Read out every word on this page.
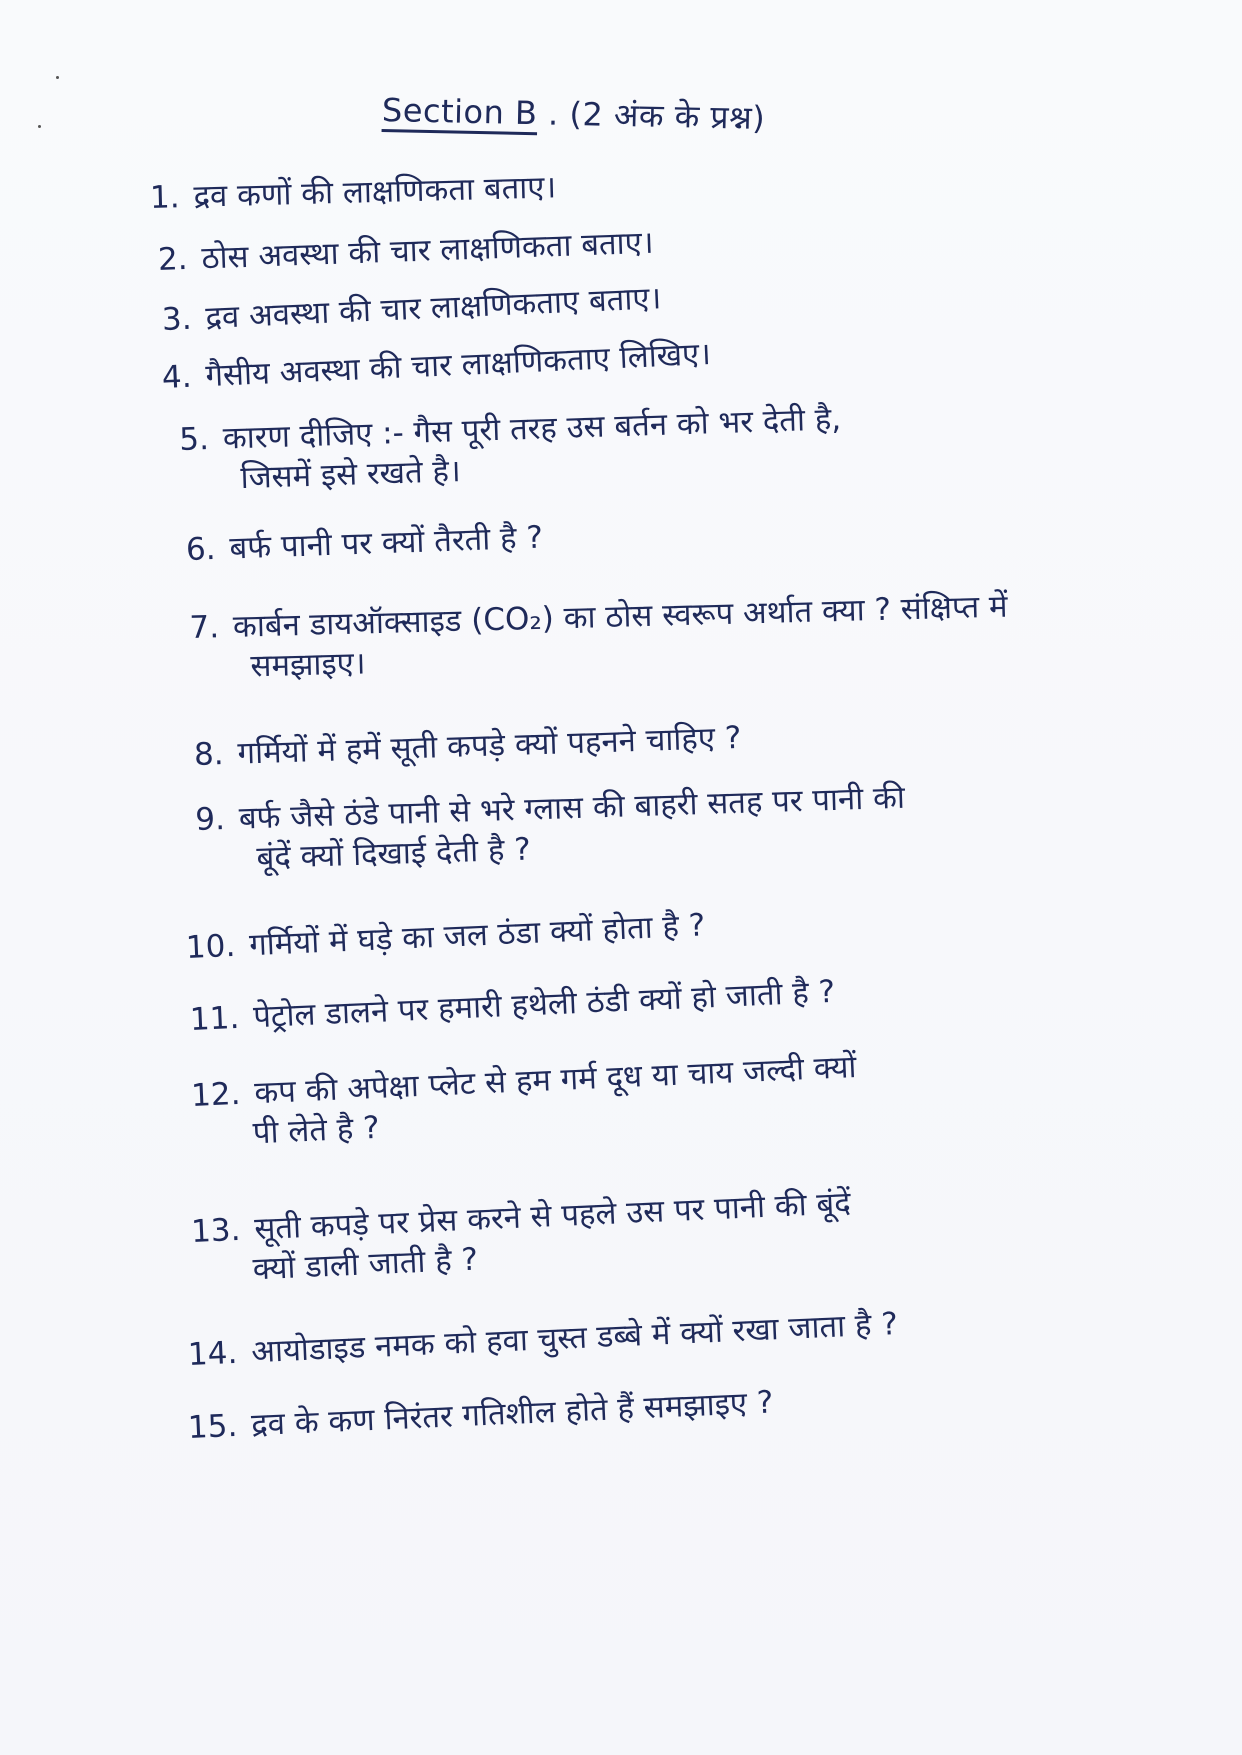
Section B . (2 अंक के प्रश्न)
1. द्रव कणों की लाक्षणिकता बताए।
2. ठोस अवस्था की चार लाक्षणिकता बताए।
3. द्रव अवस्था की चार लाक्षणिकताए बताए।
4. गैसीय अवस्था की चार लाक्षणिकताए लिखिए।
5. कारण दीजिए :- गैस पूरी तरह उस बर्तन को भर देती है,
जिसमें इसे रखते है।
6. बर्फ पानी पर क्यों तैरती है ?
7. कार्बन डायऑक्साइड (CO₂) का ठोस स्वरूप अर्थात क्या ? संक्षिप्त में
समझाइए।
8. गर्मियों में हमें सूती कपड़े क्यों पहनने चाहिए ?
9. बर्फ जैसे ठंडे पानी से भरे ग्लास की बाहरी सतह पर पानी की
बूंदें क्यों दिखाई देती है ?
10. गर्मियों में घड़े का जल ठंडा क्यों होता है ?
11. पेट्रोल डालने पर हमारी हथेली ठंडी क्यों हो जाती है ?
12. कप की अपेक्षा प्लेट से हम गर्म दूध या चाय जल्दी क्यों
पी लेते है ?
13. सूती कपड़े पर प्रेस करने से पहले उस पर पानी की बूंदें
क्यों डाली जाती है ?
14. आयोडाइड नमक को हवा चुस्त डब्बे में क्यों रखा जाता है ?
15. द्रव के कण निरंतर गतिशील होते हैं समझाइए ?
